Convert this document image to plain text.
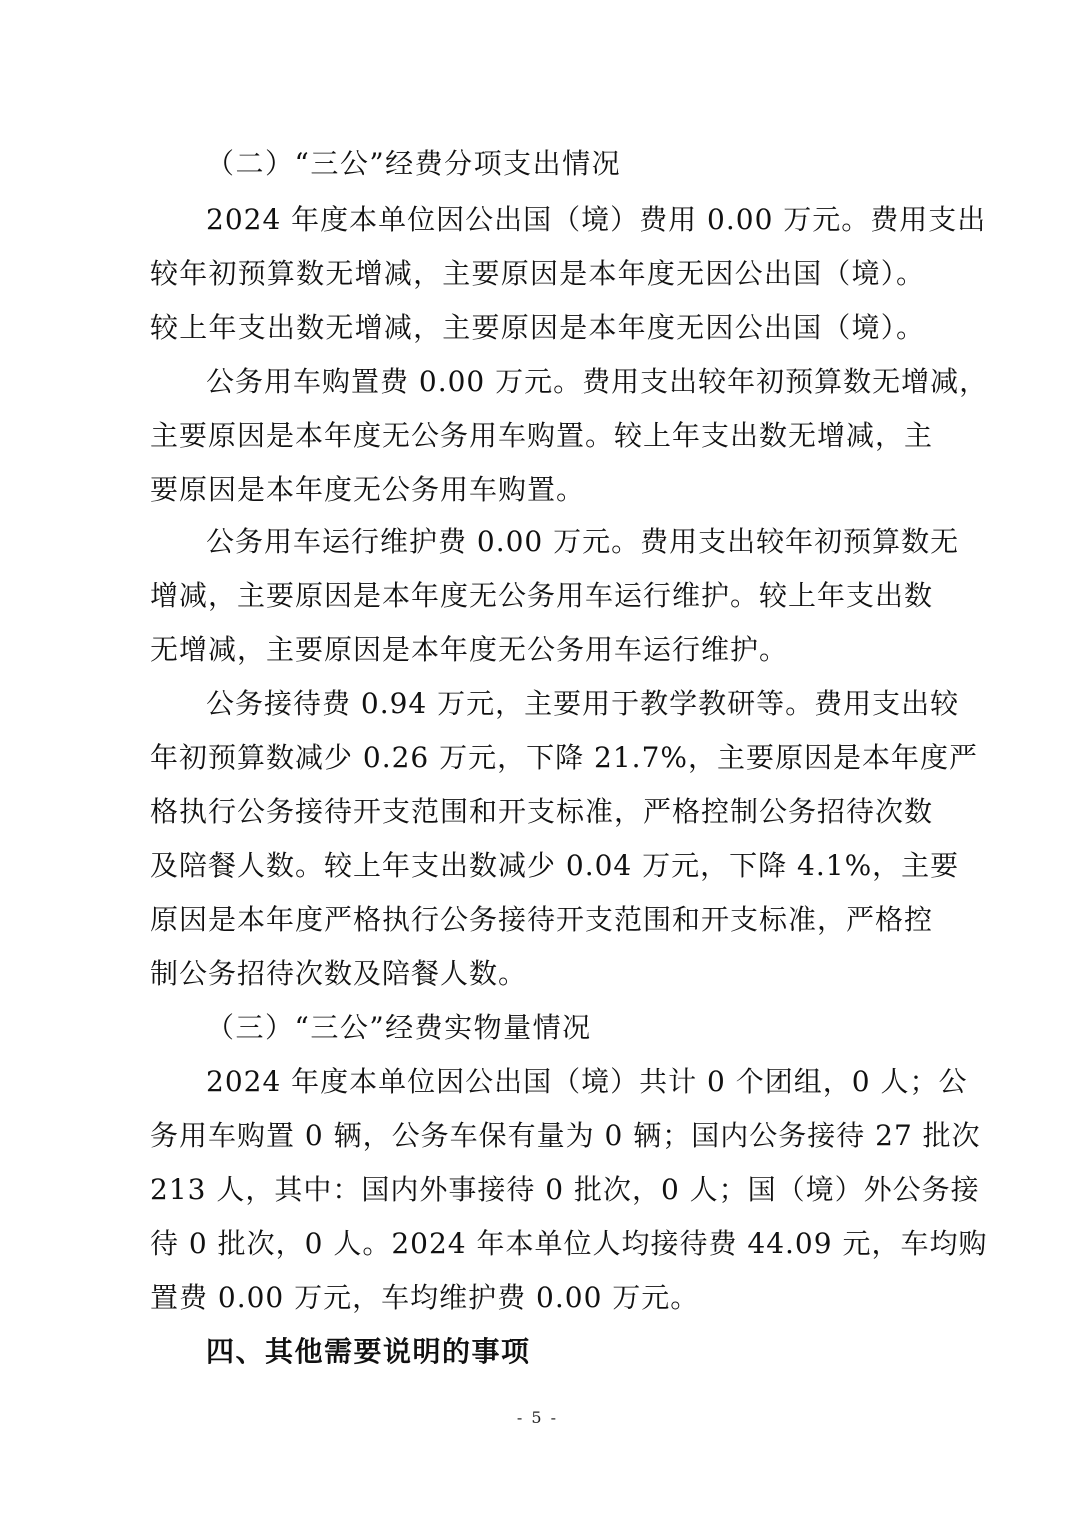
（二）“三公”经费分项支出情况
2024 年度本单位因公出国（境）费用 0.00 万元。费用支出
较年初预算数无增减，主要原因是本年度无因公出国（境）。
较上年支出数无增减，主要原因是本年度无因公出国（境）。
公务用车购置费 0.00 万元。费用支出较年初预算数无增减，
主要原因是本年度无公务用车购置。较上年支出数无增减，主
要原因是本年度无公务用车购置。
公务用车运行维护费 0.00 万元。费用支出较年初预算数无
增减，主要原因是本年度无公务用车运行维护。较上年支出数
无增减，主要原因是本年度无公务用车运行维护。
公务接待费 0.94 万元，主要用于教学教研等。费用支出较
年初预算数减少 0.26 万元，下降 21.7%，主要原因是本年度严
格执行公务接待开支范围和开支标准，严格控制公务招待次数
及陪餐人数。较上年支出数减少 0.04 万元，下降 4.1%，主要
原因是本年度严格执行公务接待开支范围和开支标准，严格控
制公务招待次数及陪餐人数。
（三）“三公”经费实物量情况
2024 年度本单位因公出国（境）共计 0 个团组，0 人；公
务用车购置 0 辆，公务车保有量为 0 辆；国内公务接待 27 批次
213 人，其中：国内外事接待 0 批次，0 人；国（境）外公务接
待 0 批次，0 人。2024 年本单位人均接待费 44.09 元，车均购
置费 0.00 万元，车均维护费 0.00 万元。
四、其他需要说明的事项
- 5 -
